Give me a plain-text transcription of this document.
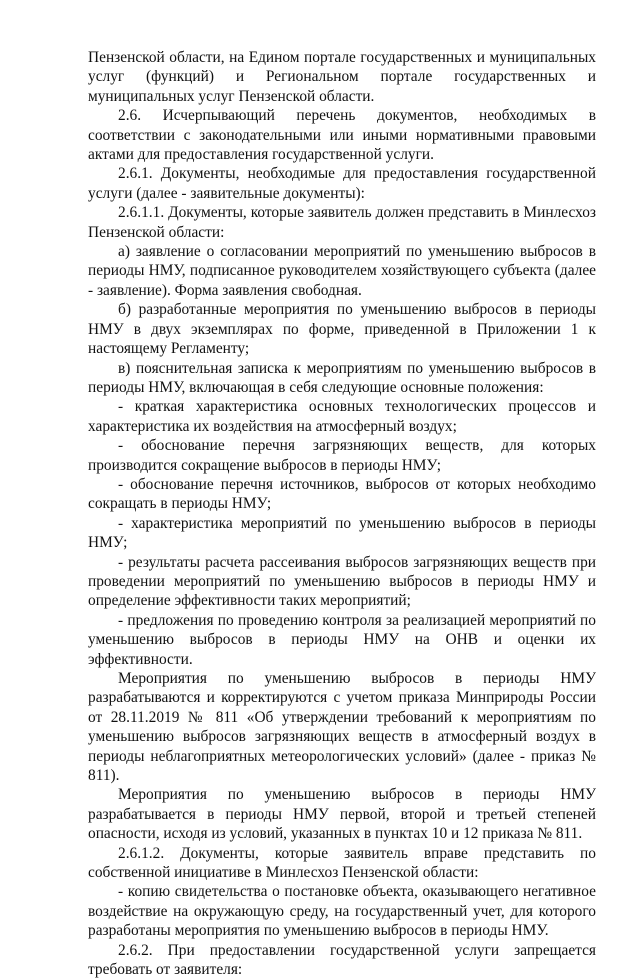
Пензенской области, на Едином портале государственных и муниципальных услуг (функций) и Региональном портале государственных и муниципальных услуг Пензенской области.

2.6. Исчерпывающий перечень документов, необходимых в соответствии с законодательными или иными нормативными правовыми актами для предоставления государственной услуги.

2.6.1. Документы, необходимые для предоставления государственной услуги (далее - заявительные документы):

2.6.1.1. Документы, которые заявитель должен представить в Минлесхоз Пензенской области:

а) заявление о согласовании мероприятий по уменьшению выбросов в периоды НМУ, подписанное руководителем хозяйствующего субъекта (далее - заявление). Форма заявления свободная.

б) разработанные мероприятия по уменьшению выбросов в периоды НМУ в двух экземплярах по форме, приведенной в Приложении 1 к настоящему Регламенту;

в) пояснительная записка к мероприятиям по уменьшению выбросов в периоды НМУ, включающая в себя следующие основные положения:

- краткая характеристика основных технологических процессов и характеристика их воздействия на атмосферный воздух;

- обоснование перечня загрязняющих веществ, для которых производится сокращение выбросов в периоды НМУ;

- обоснование перечня источников, выбросов от которых необходимо сокращать в периоды НМУ;

- характеристика мероприятий по уменьшению выбросов в периоды НМУ;

- результаты расчета рассеивания выбросов загрязняющих веществ при проведении мероприятий по уменьшению выбросов в периоды НМУ и определение эффективности таких мероприятий;

- предложения по проведению контроля за реализацией мероприятий по уменьшению выбросов в периоды НМУ на ОНВ и оценки их эффективности.

Мероприятия по уменьшению выбросов в периоды НМУ разрабатываются и корректируются с учетом приказа Минприроды России от 28.11.2019 № 811 «Об утверждении требований к мероприятиям по уменьшению выбросов загрязняющих веществ в атмосферный воздух в периоды неблагоприятных метеорологических условий» (далее - приказ № 811).

Мероприятия по уменьшению выбросов в периоды НМУ разрабатывается в периоды НМУ первой, второй и третьей степеней опасности, исходя из условий, указанных в пунктах 10 и 12 приказа № 811.

2.6.1.2. Документы, которые заявитель вправе представить по собственной инициативе в Минлесхоз Пензенской области:

- копию свидетельства о постановке объекта, оказывающего негативное воздействие на окружающую среду, на государственный учет, для которого разработаны мероприятия по уменьшению выбросов в периоды НМУ.

2.6.2. При предоставлении государственной услуги запрещается требовать от заявителя:
